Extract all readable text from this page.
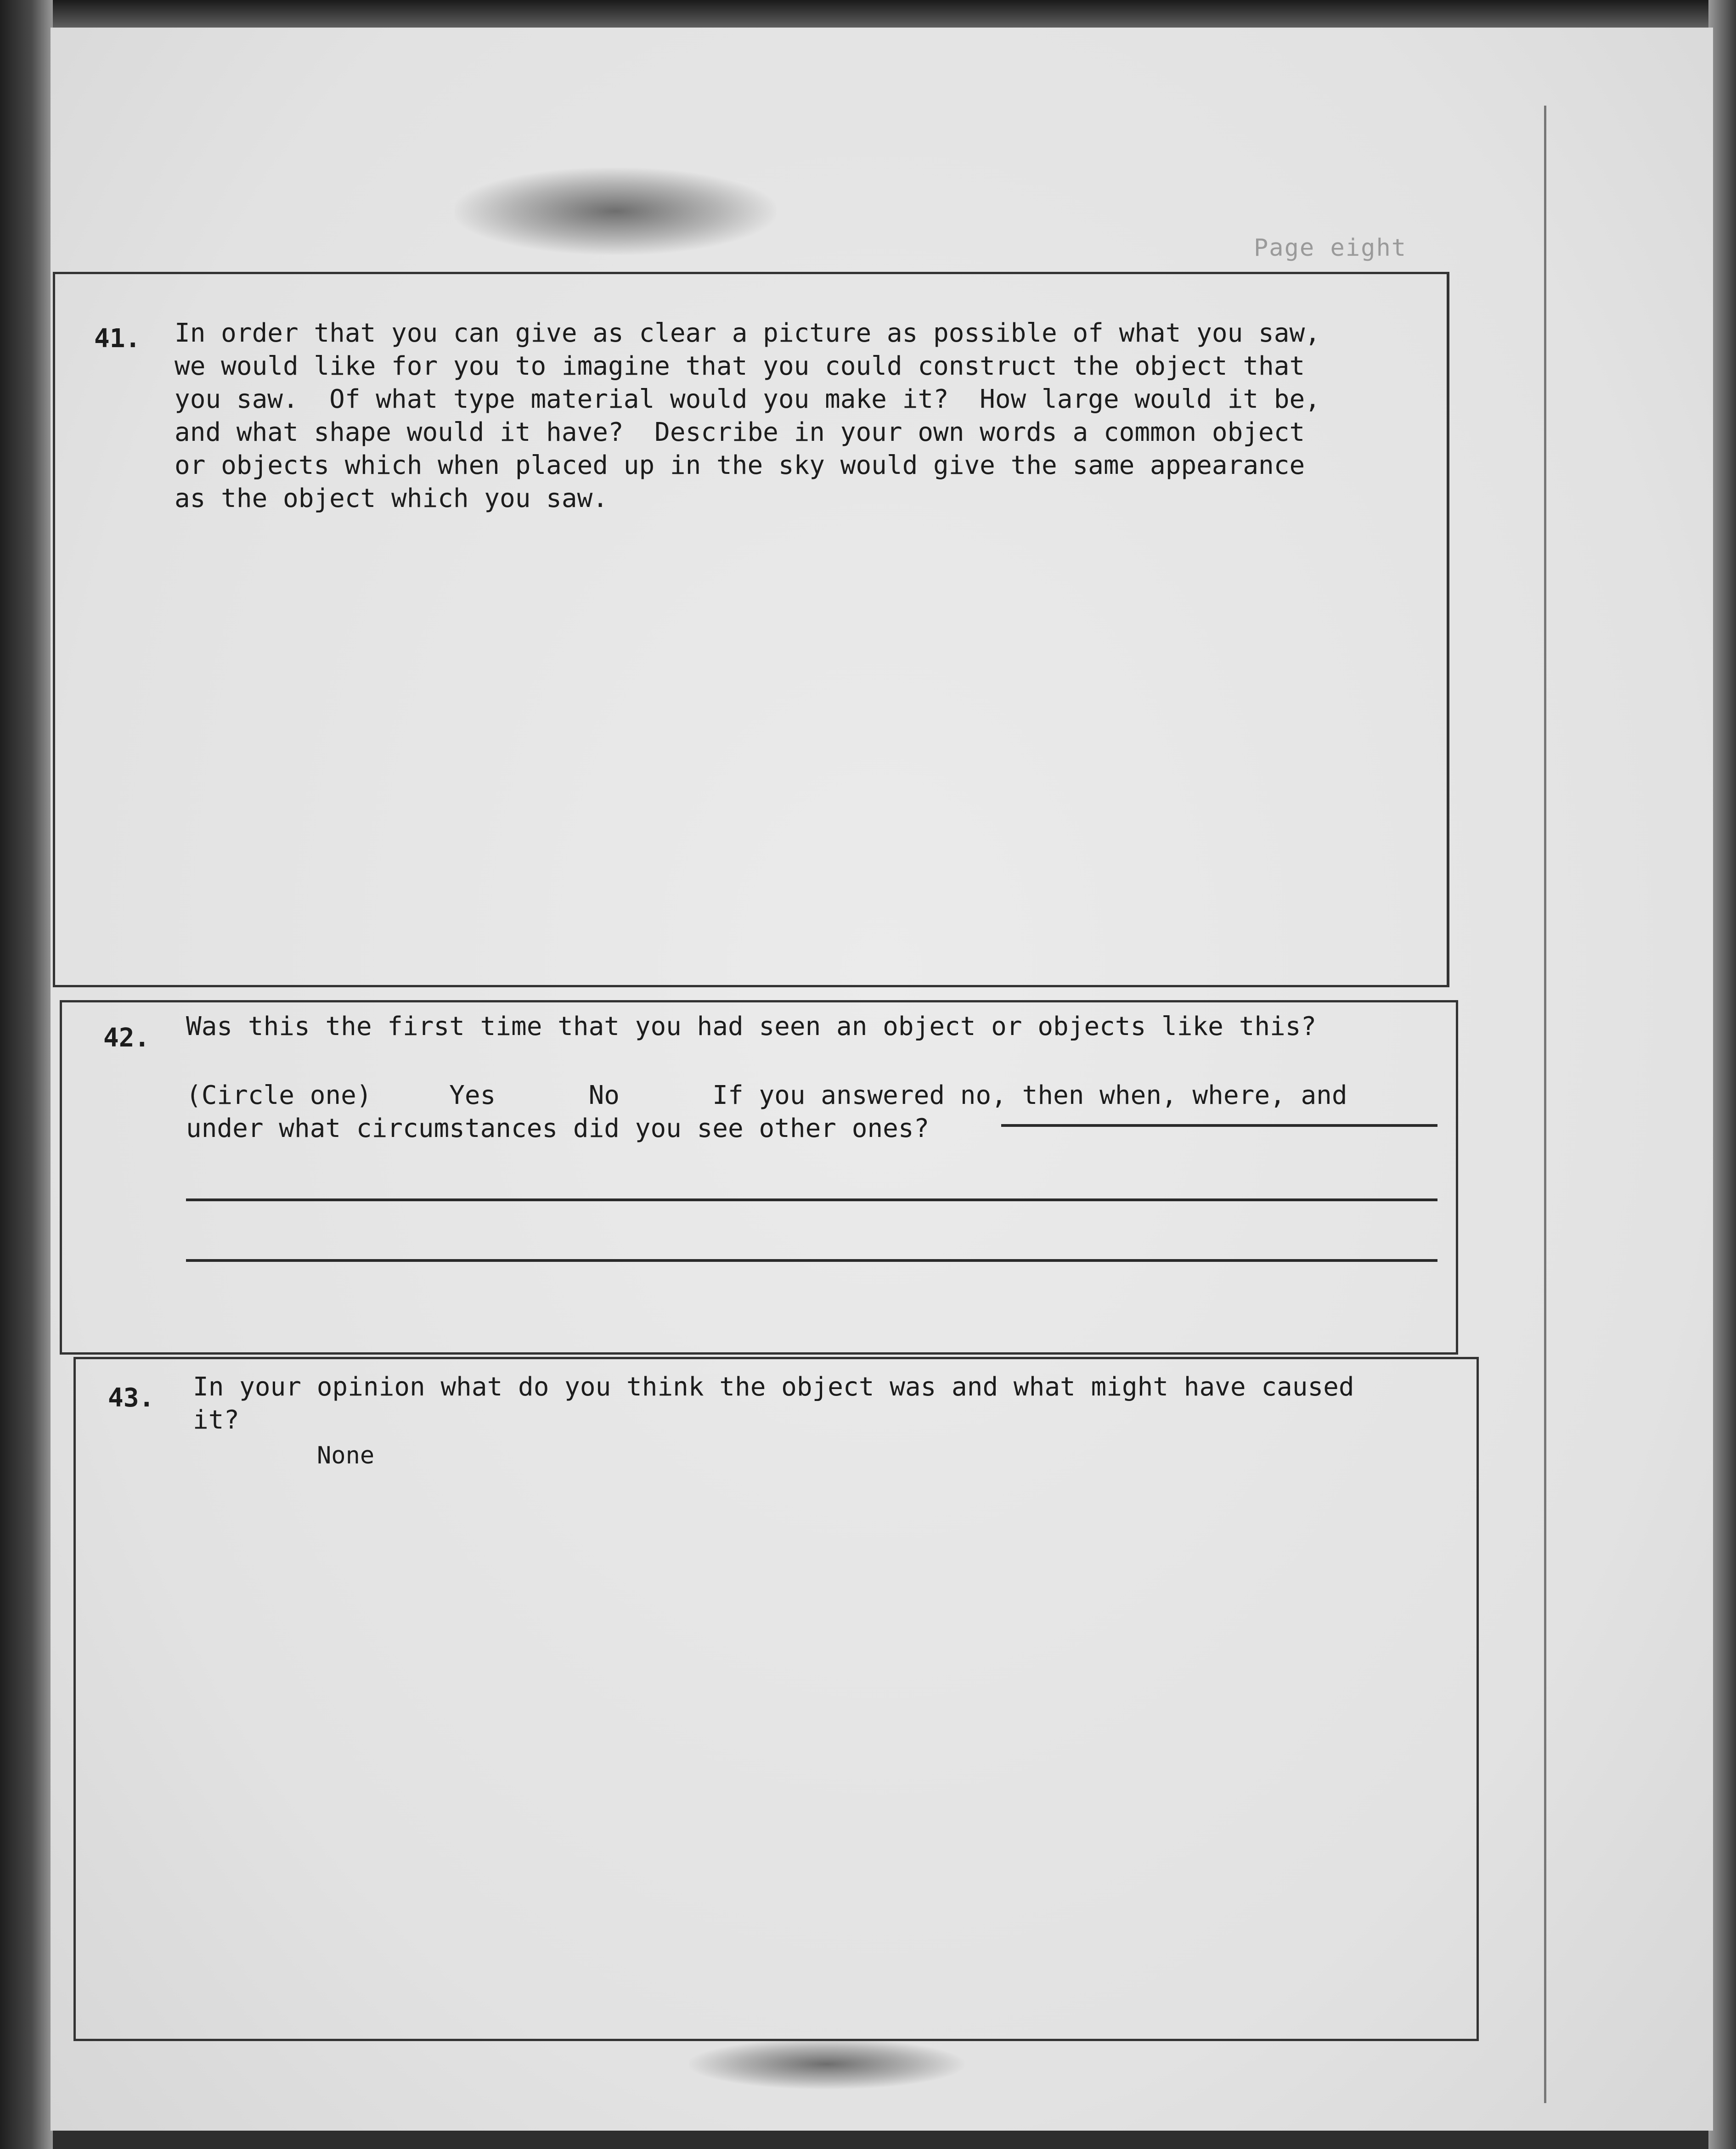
Page eight
41. In order that you can give as clear a picture as possible of what you saw,
we would like for you to imagine that you could construct the object that
you saw.  Of what type material would you make it?  How large would it be,
and what shape would it have?  Describe in your own words a common object
or objects which when placed up in the sky would give the same appearance
as the object which you saw.
42. Was this the first time that you had seen an object or objects like this?
(Circle one)     Yes      No      If you answered no, then when, where, and
under what circumstances did you see other ones?
43. In your opinion what do you think the object was and what might have caused
it?
None
